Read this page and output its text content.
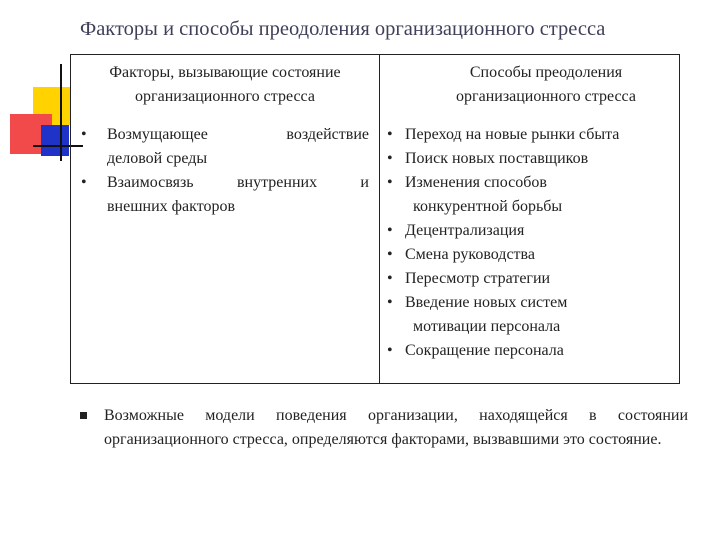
Факторы и способы преодоления организационного стресса
Факторы, вызывающие состояние
организационного стресса
Способы преодоления
организационного стресса
•	Возмущающее воздействие
деловой среды
•	Взаимосвязь внутренних и
внешних факторов
• Переход на новые рынки сбыта
• Поиск новых поставщиков
• Изменения способов
конкурентной борьбы
• Децентрализация
• Смена руководства
• Пересмотр стратегии
• Введение новых систем
мотивации персонала
• Сокращение персонала
Возможные модели поведения организации, находящейся в состоянии организационного стресса, определяются факторами, вызвавшими это состояние.
